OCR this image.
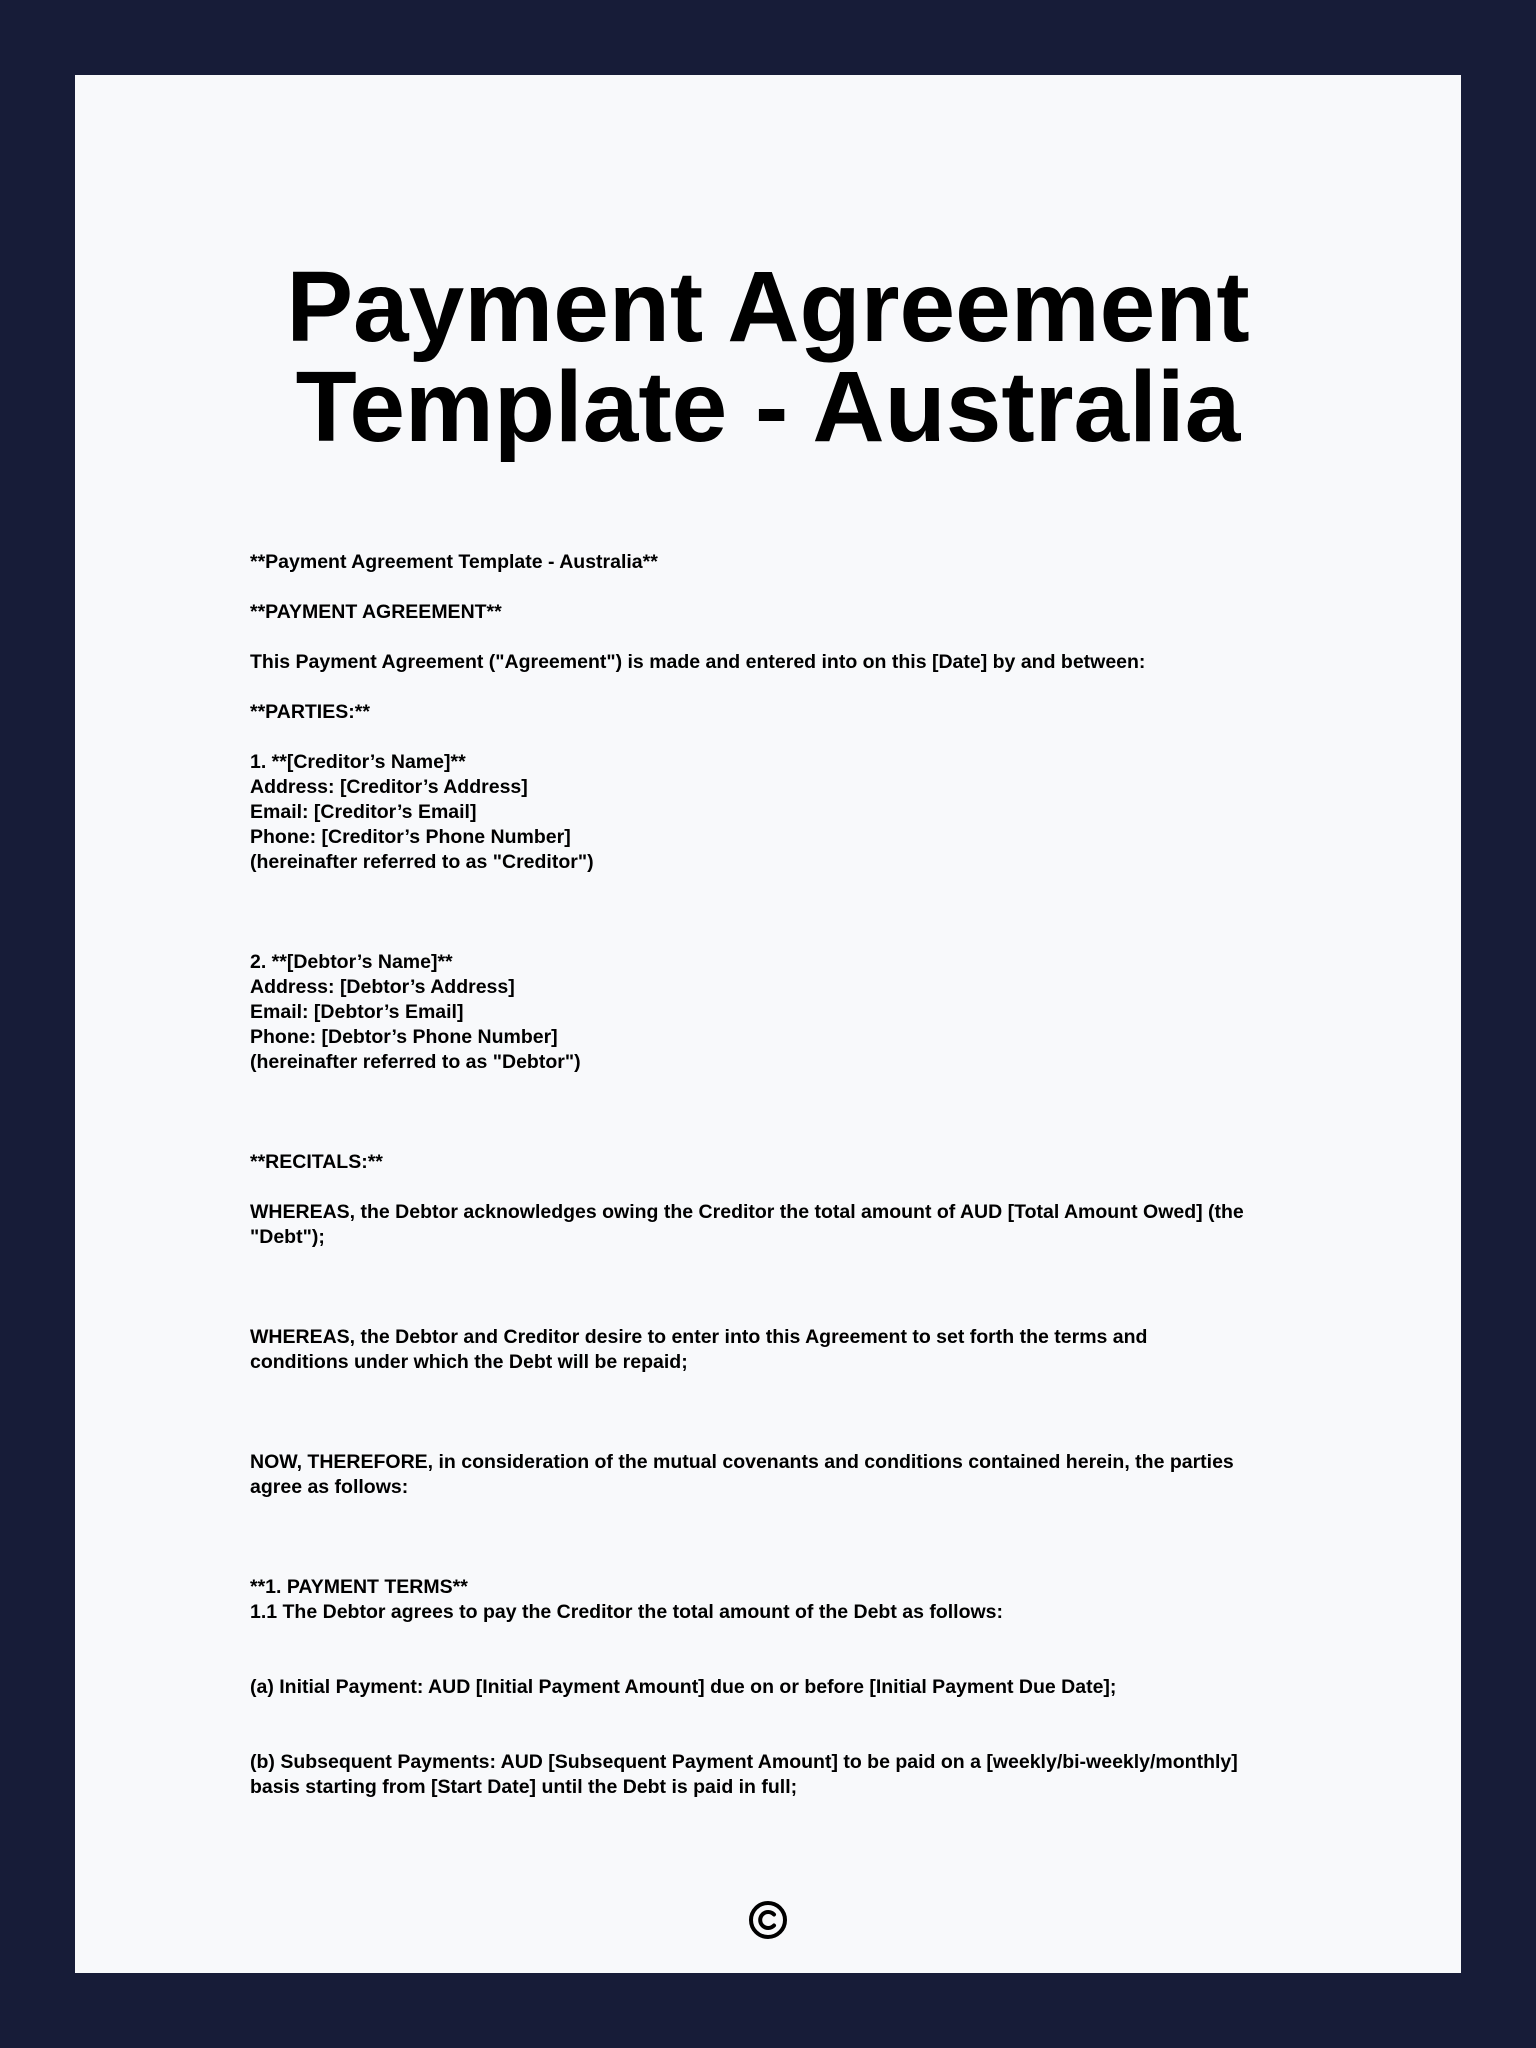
Payment Agreement
Template - Australia

**Payment Agreement Template - Australia**

**PAYMENT AGREEMENT**

This Payment Agreement ("Agreement") is made and entered into on this [Date] by and between:

**PARTIES:**

1. **[Creditor’s Name]**

Address: [Creditor’s Address]

Email: [Creditor’s Email]

Phone: [Creditor’s Phone Number]

(hereinafter referred to as "Creditor")

2. **[Debtor’s Name]**

Address: [Debtor’s Address]

Email: [Debtor’s Email]

Phone: [Debtor’s Phone Number]

(hereinafter referred to as "Debtor")

**RECITALS:**

WHEREAS, the Debtor acknowledges owing the Creditor the total amount of AUD [Total Amount Owed] (the

"Debt");

WHEREAS, the Debtor and Creditor desire to enter into this Agreement to set forth the terms and

conditions under which the Debt will be repaid;

NOW, THEREFORE, in consideration of the mutual covenants and conditions contained herein, the parties

agree as follows:

**1. PAYMENT TERMS**

1.1 The Debtor agrees to pay the Creditor the total amount of the Debt as follows:

(a) Initial Payment: AUD [Initial Payment Amount] due on or before [Initial Payment Due Date];

(b) Subsequent Payments: AUD [Subsequent Payment Amount] to be paid on a [weekly/bi-weekly/monthly]

basis starting from [Start Date] until the Debt is paid in full;
